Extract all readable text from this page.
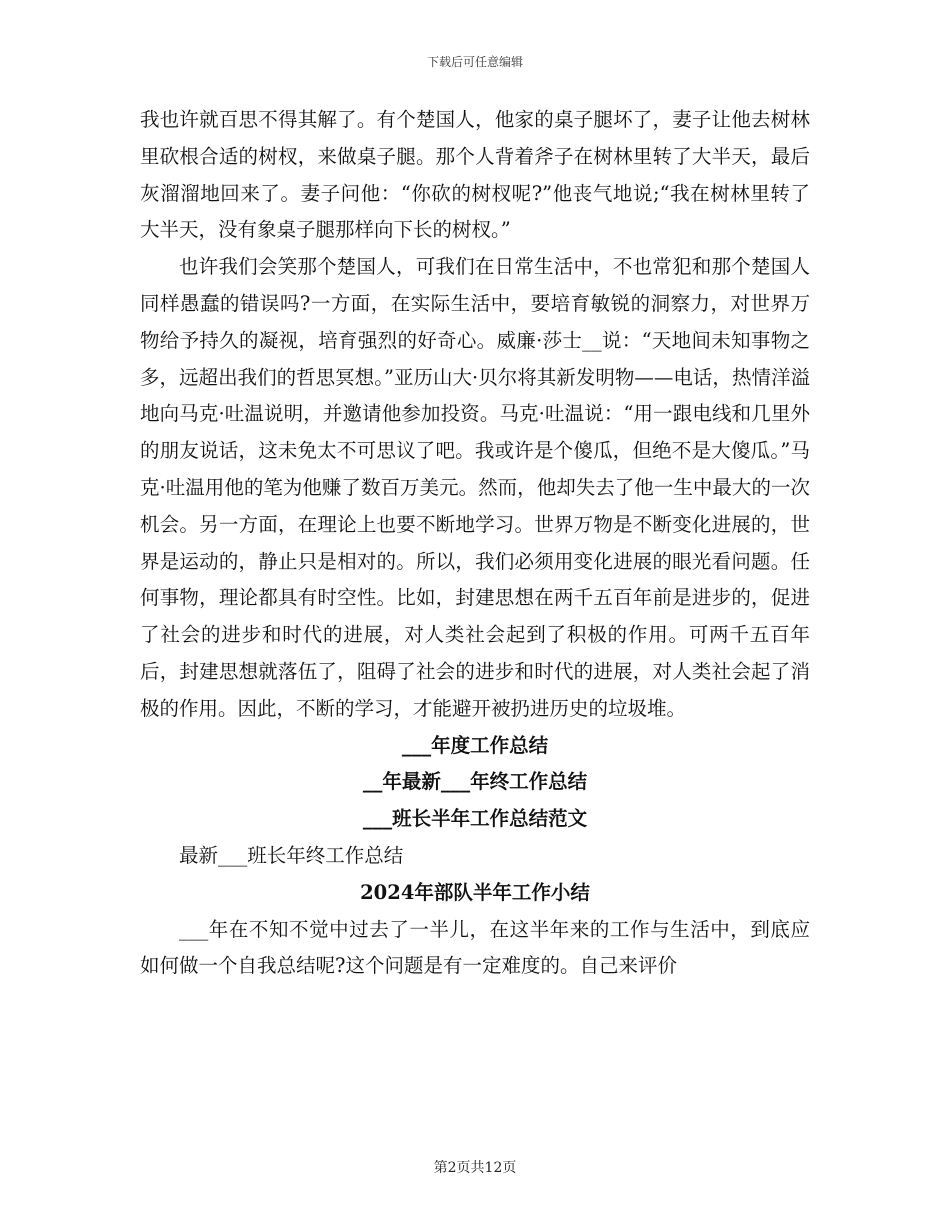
下载后可任意编辑

我也许就百思不得其解了。有个楚国人，他家的桌子腿坏了，妻子让他去树林里砍根合适的树杈，来做桌子腿。那个人背着斧子在树林里转了大半天，最后灰溜溜地回来了。妻子问他：“你砍的树杈呢?”他丧气地说;“我在树林里转了大半天，没有象桌子腿那样向下长的树杈。”

也许我们会笑那个楚国人，可我们在日常生活中，不也常犯和那个楚国人同样愚蠢的错误吗?一方面，在实际生活中，要培育敏锐的洞察力，对世界万物给予持久的凝视，培育强烈的好奇心。威廉·莎士__说：“天地间未知事物之多，远超出我们的哲思冥想。”亚历山大·贝尔将其新发明物——电话，热情洋溢地向马克·吐温说明，并邀请他参加投资。马克·吐温说：“用一跟电线和几里外的朋友说话，这未免太不可思议了吧。我或许是个傻瓜，但绝不是大傻瓜。”马克·吐温用他的笔为他赚了数百万美元。然而，他却失去了他一生中最大的一次机会。另一方面，在理论上也要不断地学习。世界万物是不断变化进展的，世界是运动的，静止只是相对的。所以，我们必须用变化进展的眼光看问题。任何事物，理论都具有时空性。比如，封建思想在两千五百年前是进步的，促进了社会的进步和时代的进展，对人类社会起到了积极的作用。可两千五百年后，封建思想就落伍了，阻碍了社会的进步和时代的进展，对人类社会起了消极的作用。因此，不断的学习，才能避开被扔进历史的垃圾堆。

___年度工作总结

__年最新___年终工作总结

___班长半年工作总结范文

最新___班长年终工作总结

2024年部队半年工作小结

___年在不知不觉中过去了一半儿，在这半年来的工作与生活中，到底应如何做一个自我总结呢?这个问题是有一定难度的。自己来评价

第2页共12页
